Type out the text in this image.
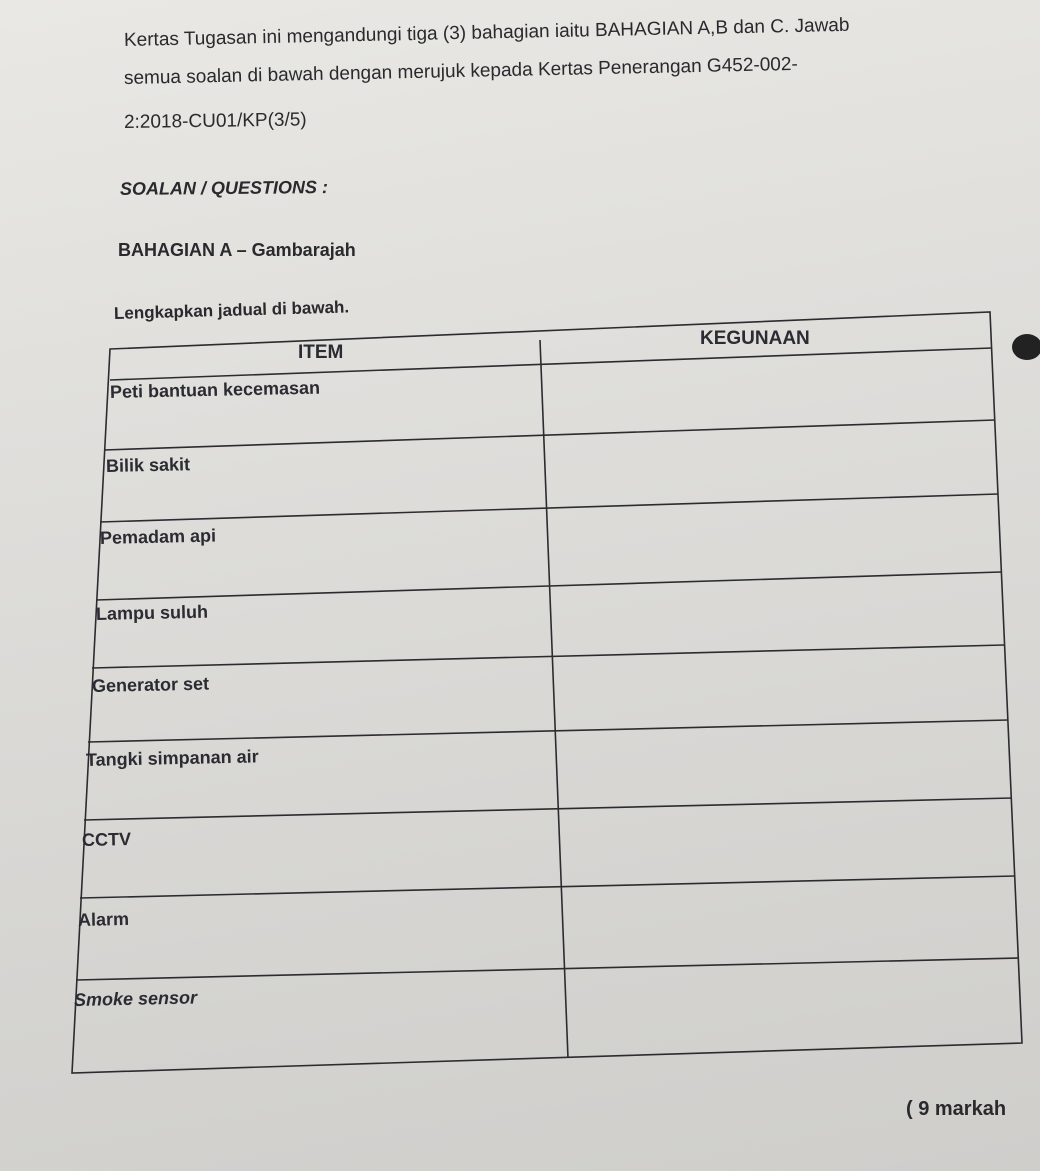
Kertas Tugasan ini mengandungi tiga (3) bahagian iaitu BAHAGIAN A,B dan C. Jawab
semua soalan di bawah dengan merujuk kepada Kertas Penerangan G452-002-
2:2018-CU01/KP(3/5)
SOALAN / QUESTIONS :
BAHAGIAN A – Gambarajah
Lengkapkan jadual di bawah.
ITEM
KEGUNAAN
Peti bantuan kecemasan
Bilik sakit
Pemadam api
Lampu suluh
Generator set
Tangki simpanan air
CCTV
Alarm
Smoke sensor
( 9 markah
